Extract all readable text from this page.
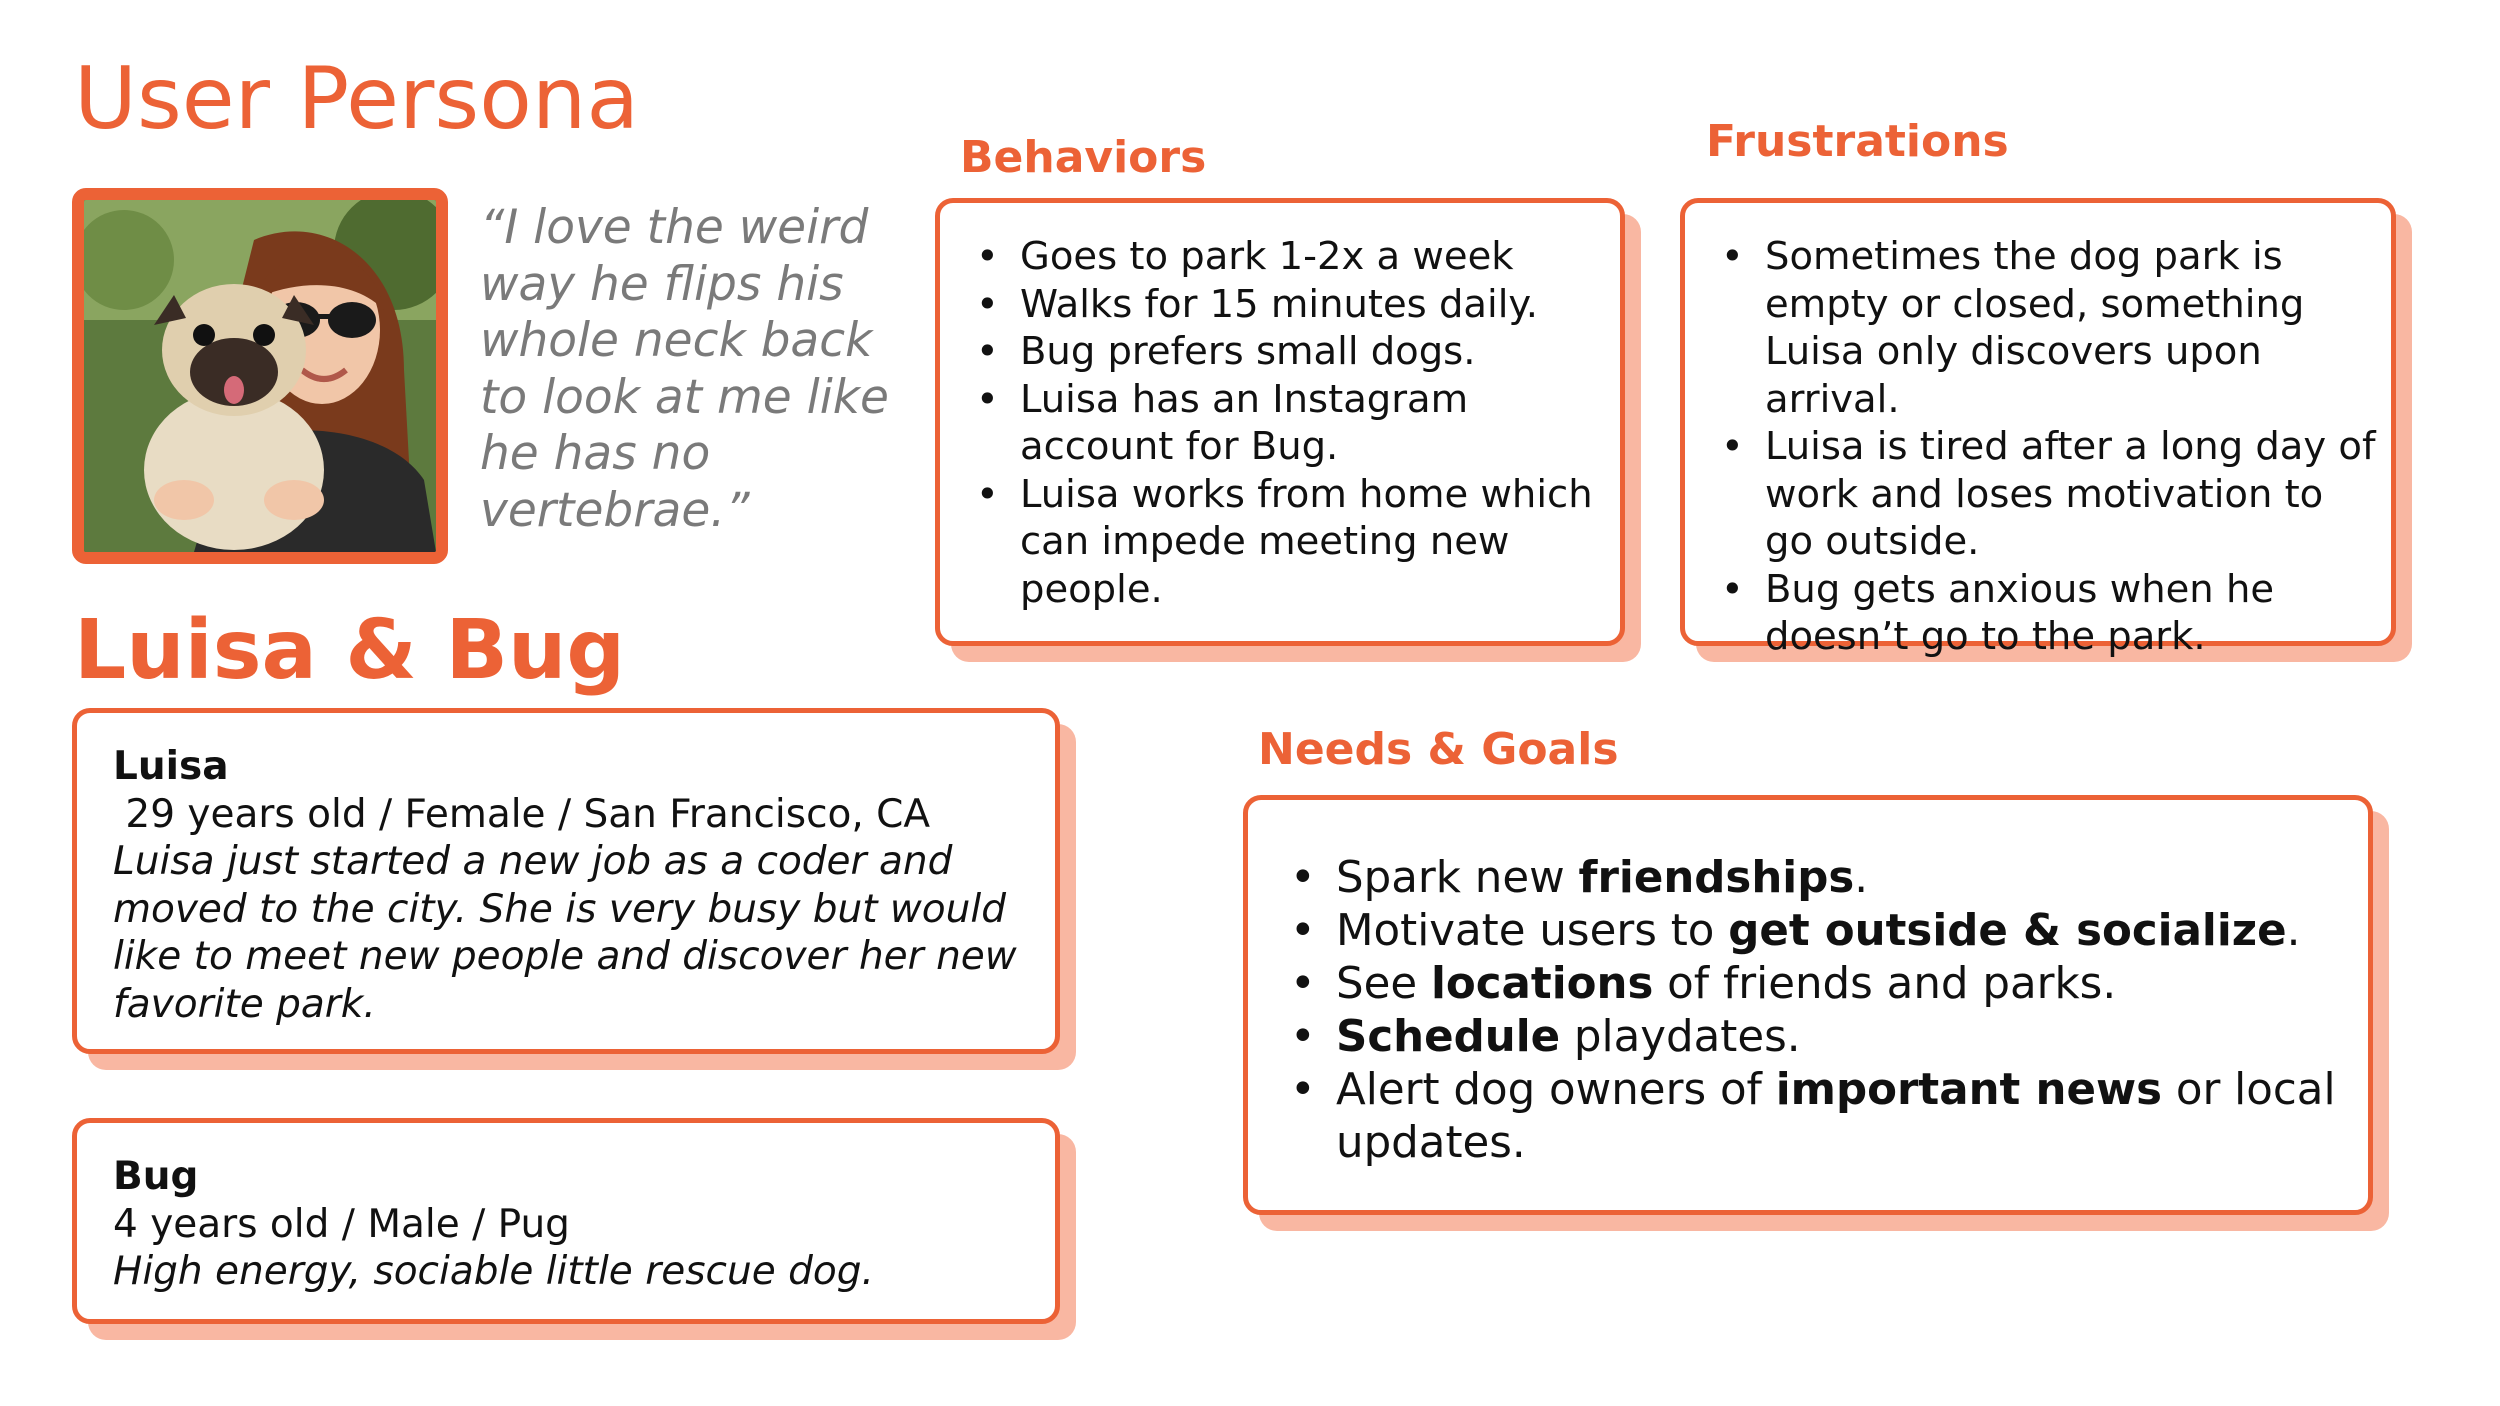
User Persona

“I love the weird way he flips his whole neck back to look at me like he has no vertebrae.”

Luisa & Bug
Behaviors
• Goes to park 1-2x a week
• Walks for 15 minutes daily.
• Bug prefers small dogs.
• Luisa has an Instagram account for Bug.
• Luisa works from home which can impede meeting new people.
Frustrations
• Sometimes the dog park is empty or closed, something Luisa only discovers upon arrival.
• Luisa is tired after a long day of work and loses motivation to go outside.
• Bug gets anxious when he doesn’t go to the park.

Luisa

29 years old / Female / San Francisco, CA

Luisa just started a new job as a coder and moved to the city. She is very busy but would like to meet new people and discover her new favorite park.

Bug

4 years old / Male / Pug

High energy, sociable little rescue dog.

Needs & Goals
• Spark new friendships.
• Motivate users to get outside & socialize.
• See locations of friends and parks.
• Schedule playdates.
• Alert dog owners of important news or local updates.
